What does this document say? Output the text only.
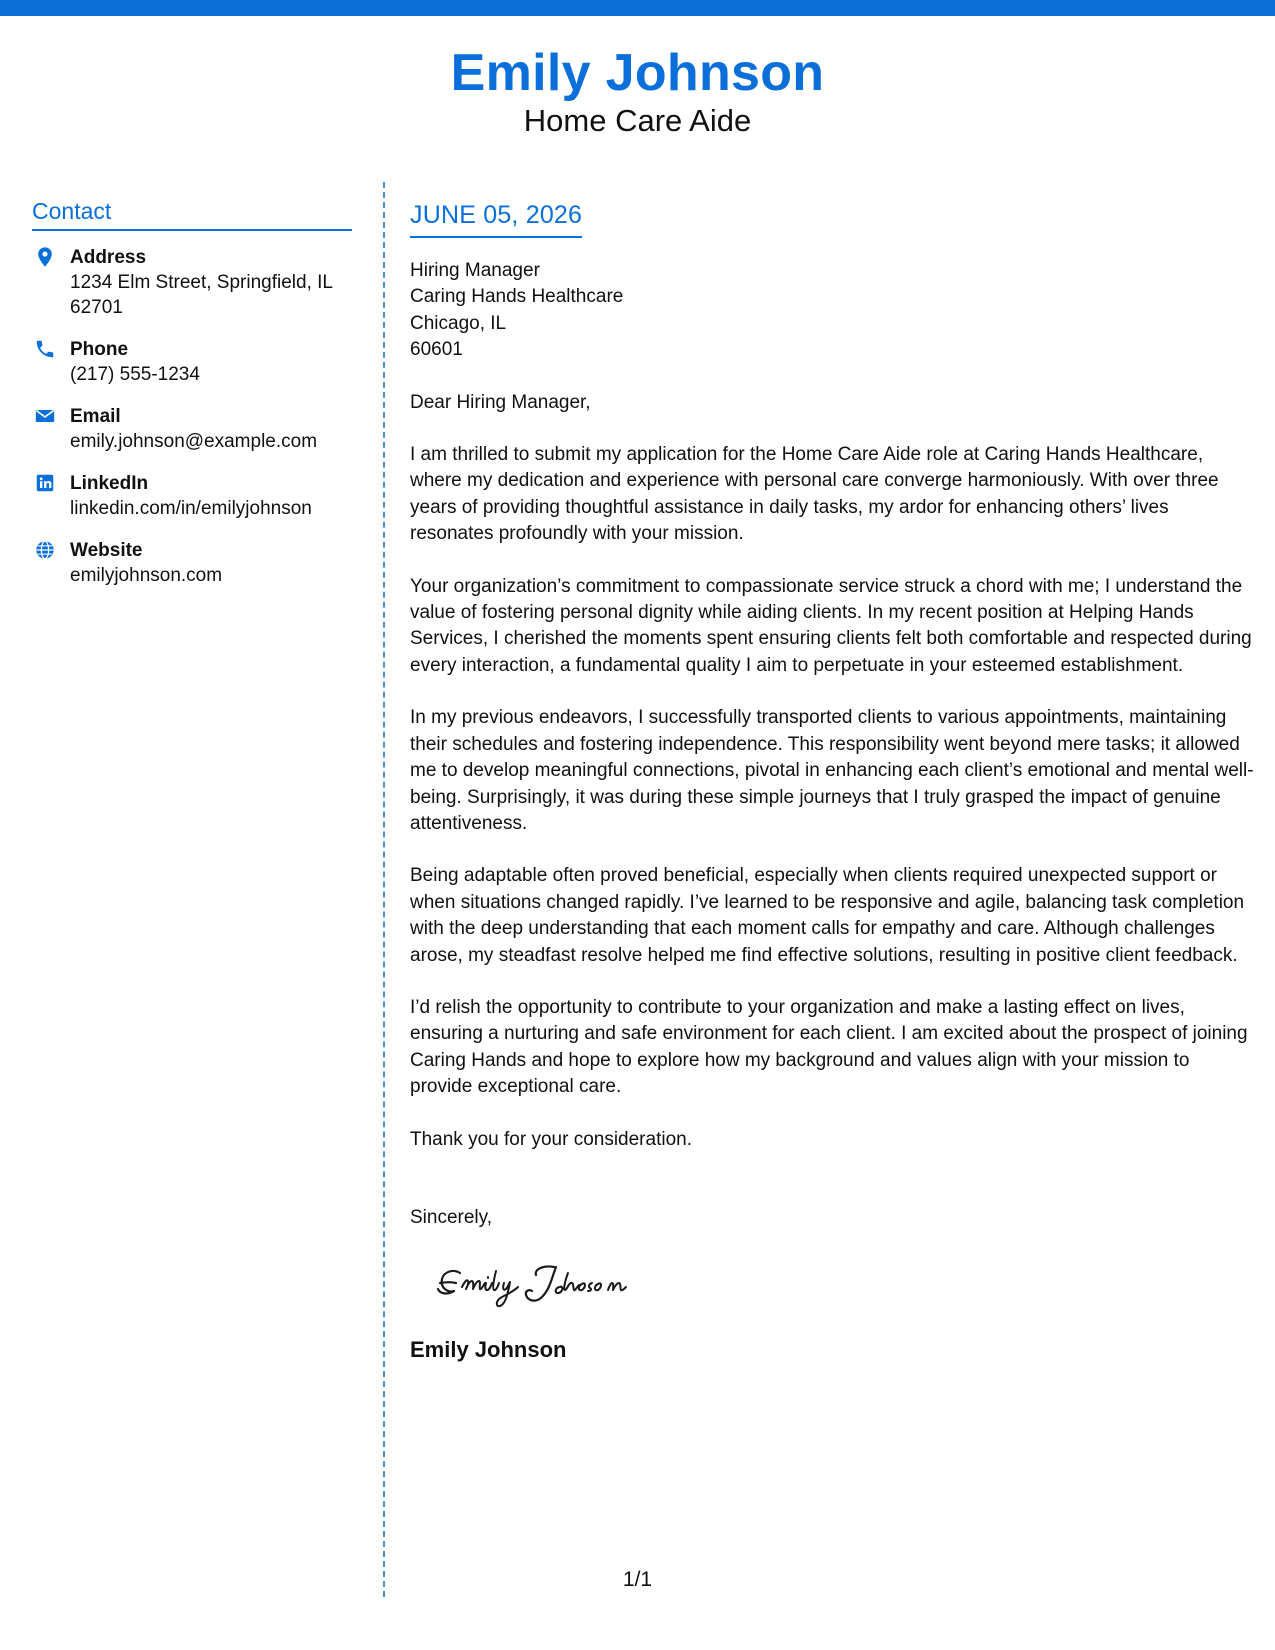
Emily Johnson
Home Care Aide
Contact
Address
1234 Elm Street, Springfield, IL 62701
Phone
(217) 555-1234
Email
emily.johnson@example.com
LinkedIn
linkedin.com/in/emilyjohnson
Website
emilyjohnson.com
JUNE 05, 2026
Hiring Manager
Caring Hands Healthcare
Chicago, IL
60601
Dear Hiring Manager,
I am thrilled to submit my application for the Home Care Aide role at Caring Hands Healthcare, where my dedication and experience with personal care converge harmoniously. With over three years of providing thoughtful assistance in daily tasks, my ardor for enhancing others’ lives resonates profoundly with your mission.
Your organization’s commitment to compassionate service struck a chord with me; I understand the value of fostering personal dignity while aiding clients. In my recent position at Helping Hands Services, I cherished the moments spent ensuring clients felt both comfortable and respected during every interaction, a fundamental quality I aim to perpetuate in your esteemed establishment.
In my previous endeavors, I successfully transported clients to various appointments, maintaining their schedules and fostering independence. This responsibility went beyond mere tasks; it allowed me to develop meaningful connections, pivotal in enhancing each client’s emotional and mental well-being. Surprisingly, it was during these simple journeys that I truly grasped the impact of genuine attentiveness.
Being adaptable often proved beneficial, especially when clients required unexpected support or when situations changed rapidly. I’ve learned to be responsive and agile, balancing task completion with the deep understanding that each moment calls for empathy and care. Although challenges arose, my steadfast resolve helped me find effective solutions, resulting in positive client feedback.
I’d relish the opportunity to contribute to your organization and make a lasting effect on lives, ensuring a nurturing and safe environment for each client. I am excited about the prospect of joining Caring Hands and hope to explore how my background and values align with your mission to provide exceptional care.
Thank you for your consideration.
Sincerely,
Emily Johnson
1/1
